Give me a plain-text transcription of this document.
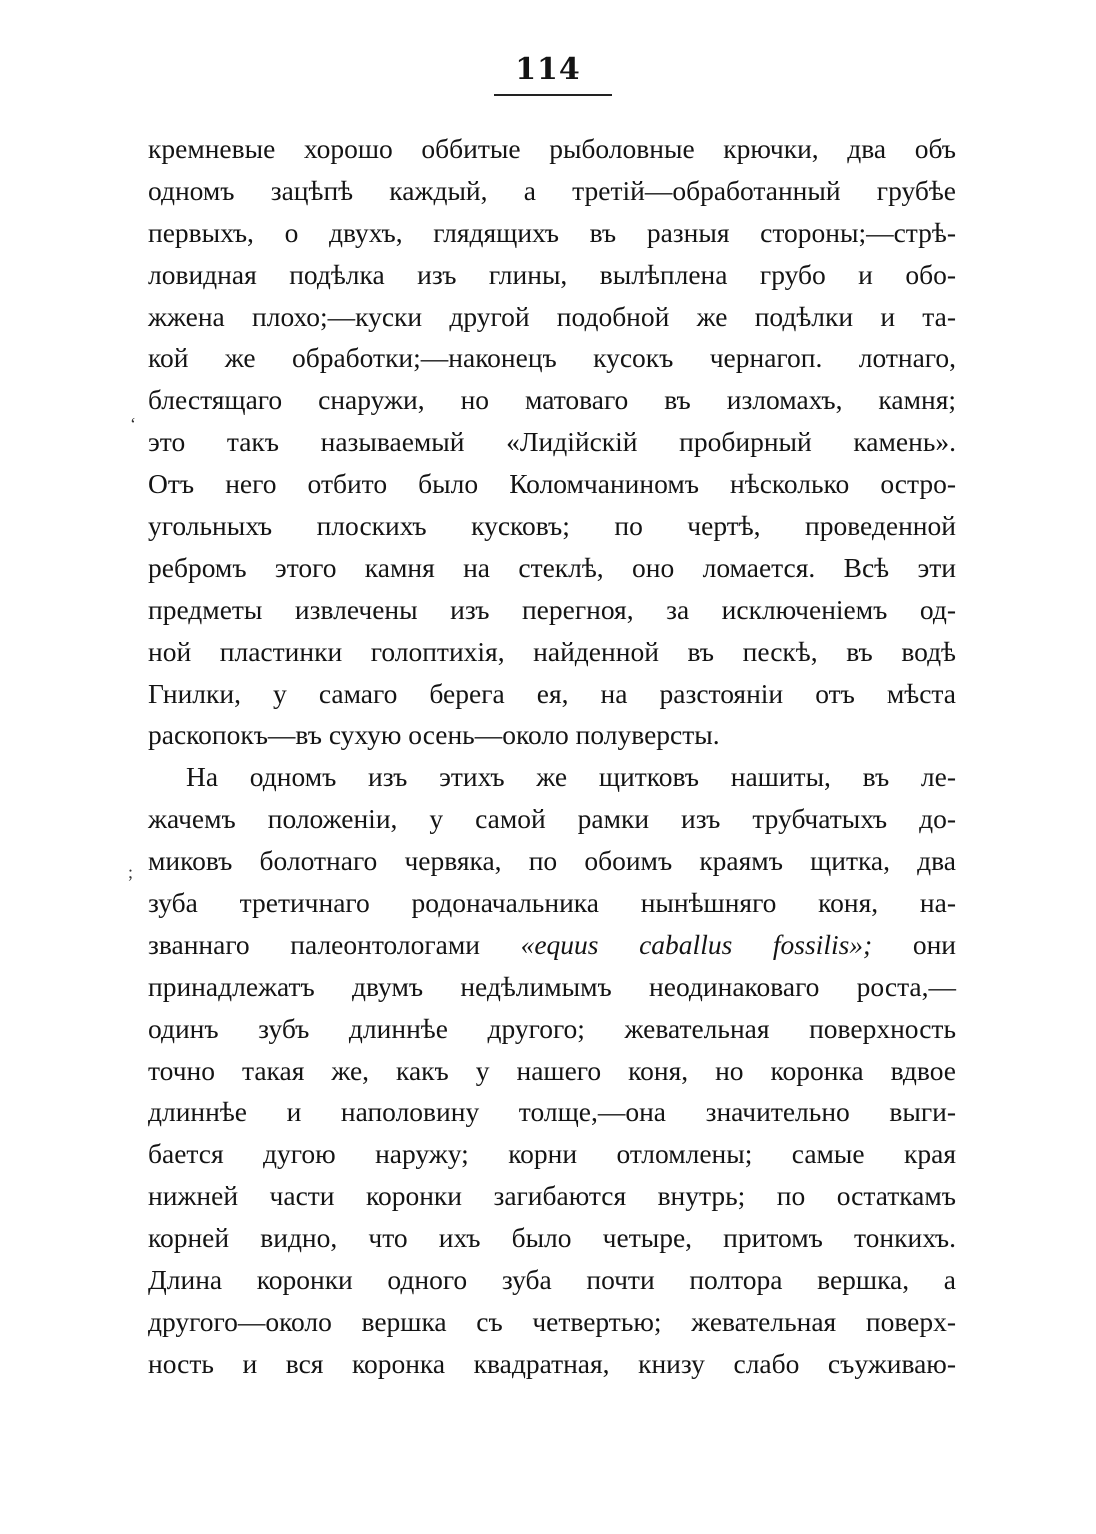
114
‘
;
кремневые хорошо оббитые рыболовные крючки, два объ
одномъ зацѣпѣ каждый, а третій—обработанный грубѣе
первыхъ, о двухъ, глядящихъ въ разныя стороны;—стрѣ-
ловидная подѣлка изъ глины, вылѣплена грубо и обо-
жжена плохо;—куски другой подобной же подѣлки и та-
кой же обработки;—наконецъ кусокъ чернагоп. лотнаго,
блестящаго снаружи, но матоваго въ изломахъ, камня;
это такъ называемый «Лидійскій пробирный камень».
Отъ него отбито было Коломчаниномъ нѣсколько остро-
угольныхъ плоскихъ кусковъ; по чертѣ, проведенной
ребромъ этого камня на стеклѣ, оно ломается. Всѣ эти
предметы извлечены изъ перегноя, за исключеніемъ од-
ной пластинки голоптихія, найденной въ пескѣ, въ водѣ
Гнилки, у самаго берега ея, на разстояніи отъ мѣста
раскопокъ—въ сухую осень—около полуверсты.
На одномъ изъ этихъ же щитковъ нашиты, въ ле-
жачемъ положеніи, у самой рамки изъ трубчатыхъ до-
миковъ болотнаго червяка, по обоимъ краямъ щитка, два
зуба третичнаго родоначальника нынѣшняго коня, на-
званнаго палеонтологами «equus caballus fossilis»; они
принадлежатъ двумъ недѣлимымъ неодинаковаго роста,—
одинъ зубъ длиннѣе другого; жевательная поверхность
точно такая же, какъ у нашего коня, но коронка вдвое
длиннѣе и наполовину толще,—она значительно выги-
бается дугою наружу; корни отломлены; самые края
нижней части коронки загибаются внутрь; по остаткамъ
корней видно, что ихъ было четыре, притомъ тонкихъ.
Длина коронки одного зуба почти полтора вершка, а
другого—около вершка съ четвертью; жевательная поверх-
ность и вся коронка квадратная, книзу слабо съуживаю-
